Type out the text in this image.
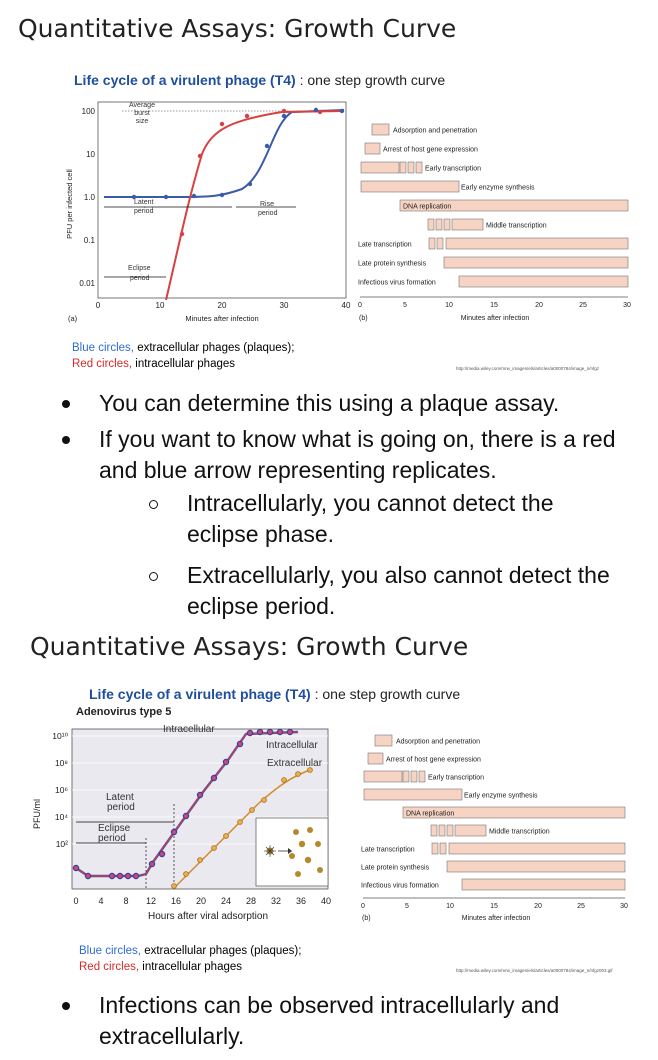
Quantitative Assays: Growth Curve
Life cycle of a virulent phage (T4) : one step growth curve
PFU per infected cell
100
10
1.0
0.1
0.01
0	10	20	30	40
Minutes after infection
(a)
Average
burst
size
Latent
period
Rise
period
Eclipse
period
Adsorption and penetration
Arrest of host gene expression
Early transcription
Early enzyme synthesis
DNA replication
Middle transcription
Late transcription
Late protein synthesis
Infectious virus formation
0	5	10	15	20	25	30
(b)	Minutes after infection
Blue circles, extracellular phages (plaques);
Red circles, intracellular phages	http://media.wiley.com/mrw_images/els/articles/a0000784/image_n/nfgz
You can determine this using a plaque assay.
If you want to know what is going on, there is a red and blue arrow representing replicates.
Intracellularly, you cannot detect the eclipse phase.
Extracellularly, you also cannot detect the eclipse period.
Quantitative Assays: Growth Curve
Life cycle of a virulent phage (T4) : one step growth curve
Adenovirus type 5
PFU/ml
10¹⁰
10⁸
10⁶
10⁴
10²
0 4 8 12 16 20 24 28 32 36 40
Hours after viral adsorption
Latent
period
Eclipse
period
Intracellular
Intracellular
Extracellular
Adsorption and penetration
Arrest of host gene expression
Early transcription
Early enzyme synthesis
DNA replication
Middle transcription
Late transcription
Late protein synthesis
Infectious virus formation
0	5	10	15	20	25	30
(b)	Minutes after infection
Blue circles, extracellular phages (plaques);
Red circles, intracellular phages	http://media.wiley.com/mrw_images/els/articles/a0000784/image_n/nfgz003.gif
Infections can be observed intracellularly and extracellularly.
